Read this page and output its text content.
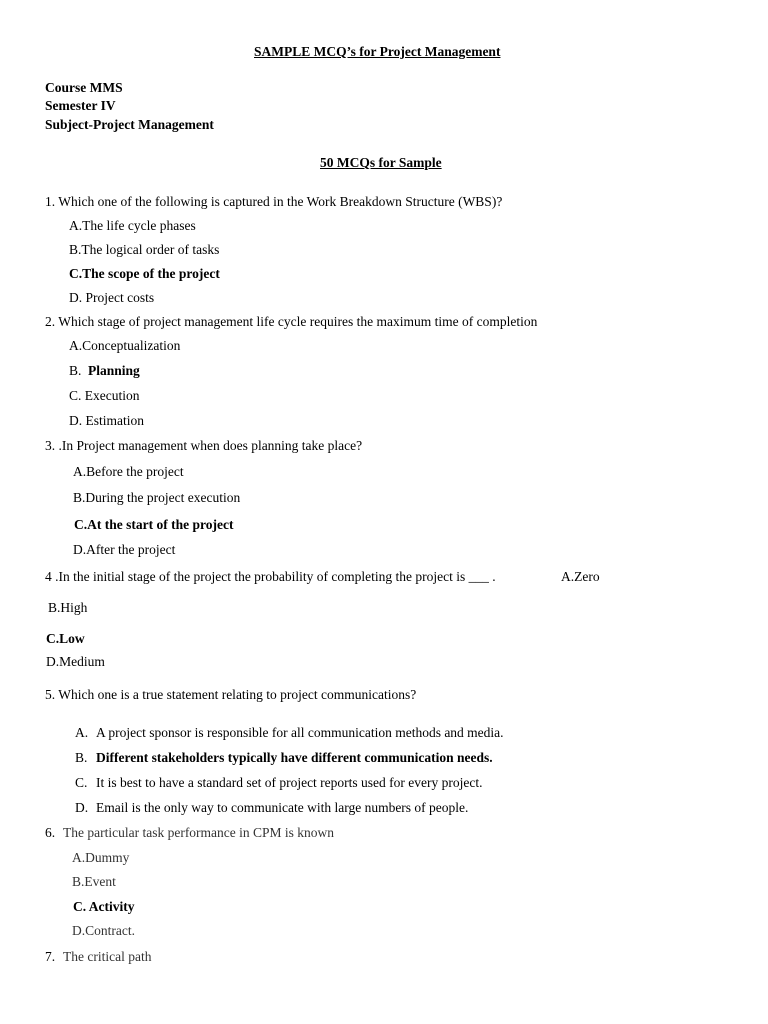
SAMPLE MCQ’s for Project Management
Course MMS
Semester IV
Subject-Project Management
50 MCQs for Sample
1. Which one of the following is captured in the Work Breakdown Structure (WBS)?
A.The life cycle phases
B.The logical order of tasks
C.The scope of the project
D. Project costs
2. Which stage of project management life cycle requires the maximum time of completion
A.Conceptualization
B. Planning
C. Execution
D. Estimation
3. .In Project management when does planning take place?
A.Before the project
B.During the project execution
C.At the start of the project
D.After the project
4 .In the initial stage of the project the probability of completing the project is ___ .	A.Zero
B.High
C.Low
D.Medium
5. Which one is a true statement relating to project communications?
A. A project sponsor is responsible for all communication methods and media.
B. Different stakeholders typically have different communication needs.
C. It is best to have a standard set of project reports used for every project.
D. Email is the only way to communicate with large numbers of people.
6. The particular task performance in CPM is known
A.Dummy
B.Event
C. Activity
D.Contract.
7. The critical path
